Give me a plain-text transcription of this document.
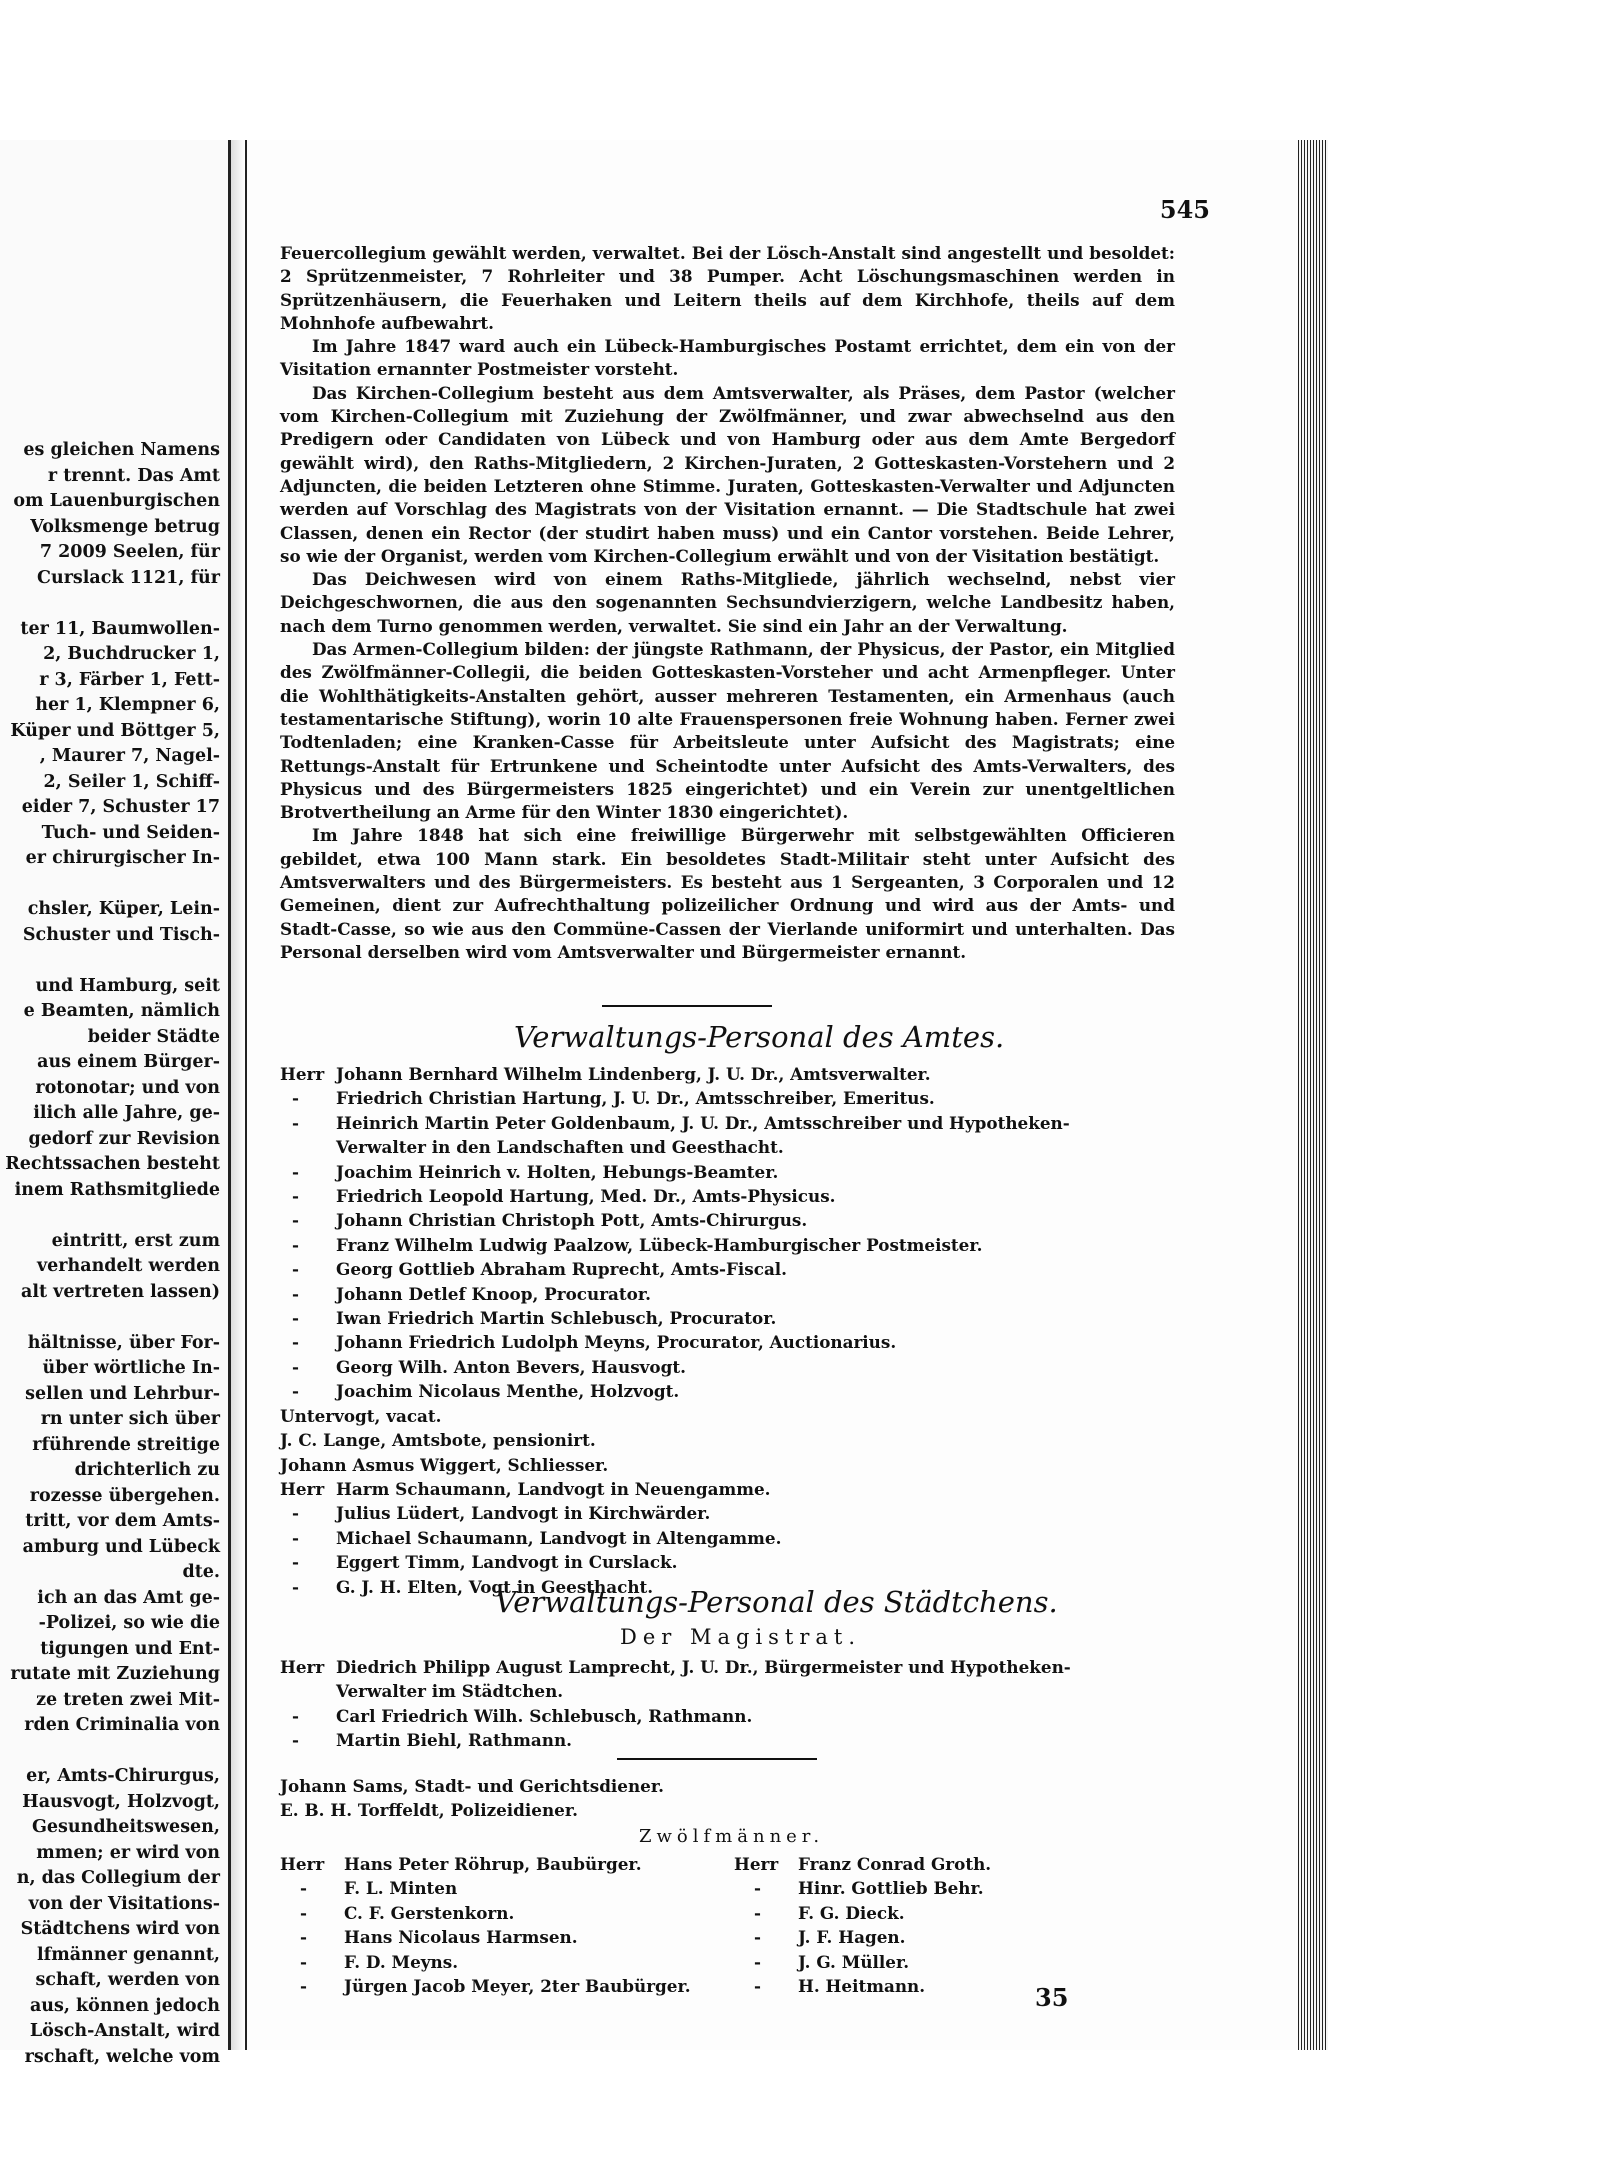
es gleichen Namens
r trennt. Das Amt
om Lauenburgischen
Volksmenge betrug
7 2009 Seelen, für
Curslack 1121, für
ter 11, Baumwollen-
2, Buchdrucker 1,
r 3, Färber 1, Fett-
her 1, Klempner 6,
Küper und Böttger 5,
, Maurer 7, Nagel-
2, Seiler 1, Schiff-
eider 7, Schuster 17
Tuch- und Seiden-
er chirurgischer In-
chsler, Küper, Lein-
Schuster und Tisch-
und Hamburg, seit
e Beamten, nämlich
beider Städte
aus einem Bürger-
rotonotar; und von
ilich alle Jahre, ge-
gedorf zur Revision
Rechtssachen besteht
inem Rathsmitgliede
eintritt, erst zum
verhandelt werden
alt vertreten lassen)
hältnisse, über For-
über wörtliche In-
sellen und Lehrbur-
rn unter sich über
rführende streitige
drichterlich zu
rozesse übergehen.
tritt, vor dem Amts-
amburg und Lübeck
dte.
ich an das Amt ge-
-Polizei, so wie die
tigungen und Ent-
rutate mit Zuziehung
ze treten zwei Mit-
rden Criminalia von
er, Amts-Chirurgus,
Hausvogt, Holzvogt,
Gesundheitswesen,
mmen; er wird von
n, das Collegium der
von der Visitations-
Städtchens wird von
lfmänner genannt,
schaft, werden von
aus, können jedoch
Lösch-Anstalt, wird
rschaft, welche vom
545
Feuercollegium gewählt werden, verwaltet. Bei der Lösch-Anstalt sind angestellt und besoldet: 2 Sprützenmeister, 7 Rohrleiter und 38 Pumper. Acht Löschungsmaschinen werden in Sprützenhäusern, die Feuerhaken und Leitern theils auf dem Kirchhofe, theils auf dem Mohnhofe aufbewahrt.
Im Jahre 1847 ward auch ein Lübeck-Hamburgisches Postamt errichtet, dem ein von der Visitation ernannter Postmeister vorsteht.
Das Kirchen-Collegium besteht aus dem Amtsverwalter, als Präses, dem Pastor (welcher vom Kirchen-Collegium mit Zuziehung der Zwölfmänner, und zwar abwechselnd aus den Predigern oder Candidaten von Lübeck und von Hamburg oder aus dem Amte Bergedorf gewählt wird), den Raths-Mitgliedern, 2 Kirchen-Juraten, 2 Gotteskasten-Vorstehern und 2 Adjuncten, die beiden Letzteren ohne Stimme. Juraten, Gotteskasten-Verwalter und Adjuncten werden auf Vorschlag des Magistrats von der Visitation ernannt. — Die Stadtschule hat zwei Classen, denen ein Rector (der studirt haben muss) und ein Cantor vorstehen. Beide Lehrer, so wie der Organist, werden vom Kirchen-Collegium erwählt und von der Visitation bestätigt.
Das Deichwesen wird von einem Raths-Mitgliede, jährlich wechselnd, nebst vier Deichgeschwornen, die aus den sogenannten Sechsundvierzigern, welche Landbesitz haben, nach dem Turno genommen werden, verwaltet. Sie sind ein Jahr an der Verwaltung.
Das Armen-Collegium bilden: der jüngste Rathmann, der Physicus, der Pastor, ein Mitglied des Zwölfmänner-Collegii, die beiden Gotteskasten-Vorsteher und acht Armenpfleger. Unter die Wohlthätigkeits-Anstalten gehört, ausser mehreren Testamenten, ein Armenhaus (auch testamentarische Stiftung), worin 10 alte Frauenspersonen freie Wohnung haben. Ferner zwei Todtenladen; eine Kranken-Casse für Arbeitsleute unter Aufsicht des Magistrats; eine Rettungs-Anstalt für Ertrunkene und Scheintodte unter Aufsicht des Amts-Verwalters, des Physicus und des Bürgermeisters 1825 eingerichtet) und ein Verein zur unentgeltlichen Brotvertheilung an Arme für den Winter 1830 eingerichtet).
Im Jahre 1848 hat sich eine freiwillige Bürgerwehr mit selbstgewählten Officieren gebildet, etwa 100 Mann stark. Ein besoldetes Stadt-Militair steht unter Aufsicht des Amtsverwalters und des Bürgermeisters. Es besteht aus 1 Sergeanten, 3 Corporalen und 12 Gemeinen, dient zur Aufrechthaltung polizeilicher Ordnung und wird aus der Amts- und Stadt-Casse, so wie aus den Commüne-Cassen der Vierlande uniformirt und unterhalten. Das Personal derselben wird vom Amtsverwalter und Bürgermeister ernannt.
Verwaltungs-Personal des Amtes.
Herr Johann Bernhard Wilhelm Lindenberg, J. U. Dr., Amtsverwalter.
-	Friedrich Christian Hartung, J. U. Dr., Amtsschreiber, Emeritus.
-	Heinrich Martin Peter Goldenbaum, J. U. Dr., Amtsschreiber und Hypotheken-
Verwalter in den Landschaften und Geesthacht.
-	Joachim Heinrich v. Holten, Hebungs-Beamter.
-	Friedrich Leopold Hartung, Med. Dr., Amts-Physicus.
-	Johann Christian Christoph Pott, Amts-Chirurgus.
-	Franz Wilhelm Ludwig Paalzow, Lübeck-Hamburgischer Postmeister.
-	Georg Gottlieb Abraham Ruprecht, Amts-Fiscal.
-	Johann Detlef Knoop, Procurator.
-	Iwan Friedrich Martin Schlebusch, Procurator.
-	Johann Friedrich Ludolph Meyns, Procurator, Auctionarius.
-	Georg Wilh. Anton Bevers, Hausvogt.
-	Joachim Nicolaus Menthe, Holzvogt.
Untervogt, vacat.
J. C. Lange, Amtsbote, pensionirt.
Johann Asmus Wiggert, Schliesser.
Herr Harm Schaumann, Landvogt in Neuengamme.
-	Julius Lüdert, Landvogt in Kirchwärder.
-	Michael Schaumann, Landvogt in Altengamme.
-	Eggert Timm, Landvogt in Curslack.
-	G. J. H. Elten, Vogt in Geesthacht.
Verwaltungs-Personal des Städtchens.
Der Magistrat.
Herr Diedrich Philipp August Lamprecht, J. U. Dr., Bürgermeister und Hypotheken-
Verwalter im Städtchen.
-	Carl Friedrich Wilh. Schlebusch, Rathmann.
-	Martin Biehl, Rathmann.
Johann Sams, Stadt- und Gerichtsdiener.
E. B. H. Torffeldt, Polizeidiener.
Zwölfmänner.
Herr	Hans Peter Röhrup, Baubürger.	Herr	Franz Conrad Groth.
-	F. L. Minten	-	Hinr. Gottlieb Behr.
-	C. F. Gerstenkorn.	-	F. G. Dieck.
-	Hans Nicolaus Harmsen.	-	J. F. Hagen.
-	F. D. Meyns.	-	J. G. Müller.
-	Jürgen Jacob Meyer, 2ter Baubürger.	-	H. Heitmann.	35
